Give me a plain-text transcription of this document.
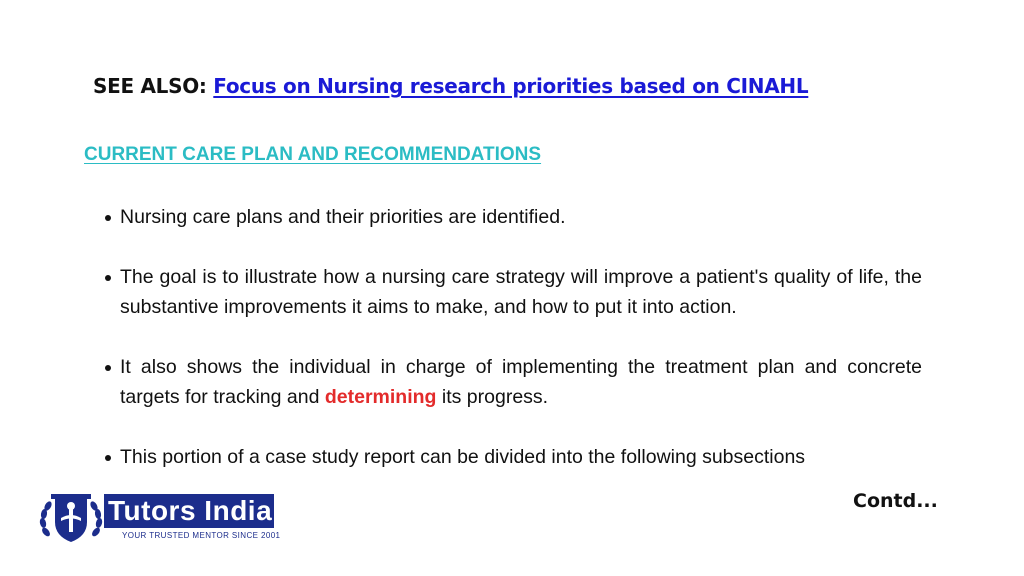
SEE ALSO: Focus on Nursing research priorities based on CINAHL
CURRENT CARE PLAN AND RECOMMENDATIONS
Nursing care plans and their priorities are identified.
The goal is to illustrate how a nursing care strategy will improve a patient's quality of life, the substantive improvements it aims to make, and how to put it into action.
It also shows the individual in charge of implementing the treatment plan and concrete targets for tracking and determining its progress.
This portion of a case study report can be divided into the following subsections
Tutors India
YOUR TRUSTED MENTOR SINCE 2001
Contd...
